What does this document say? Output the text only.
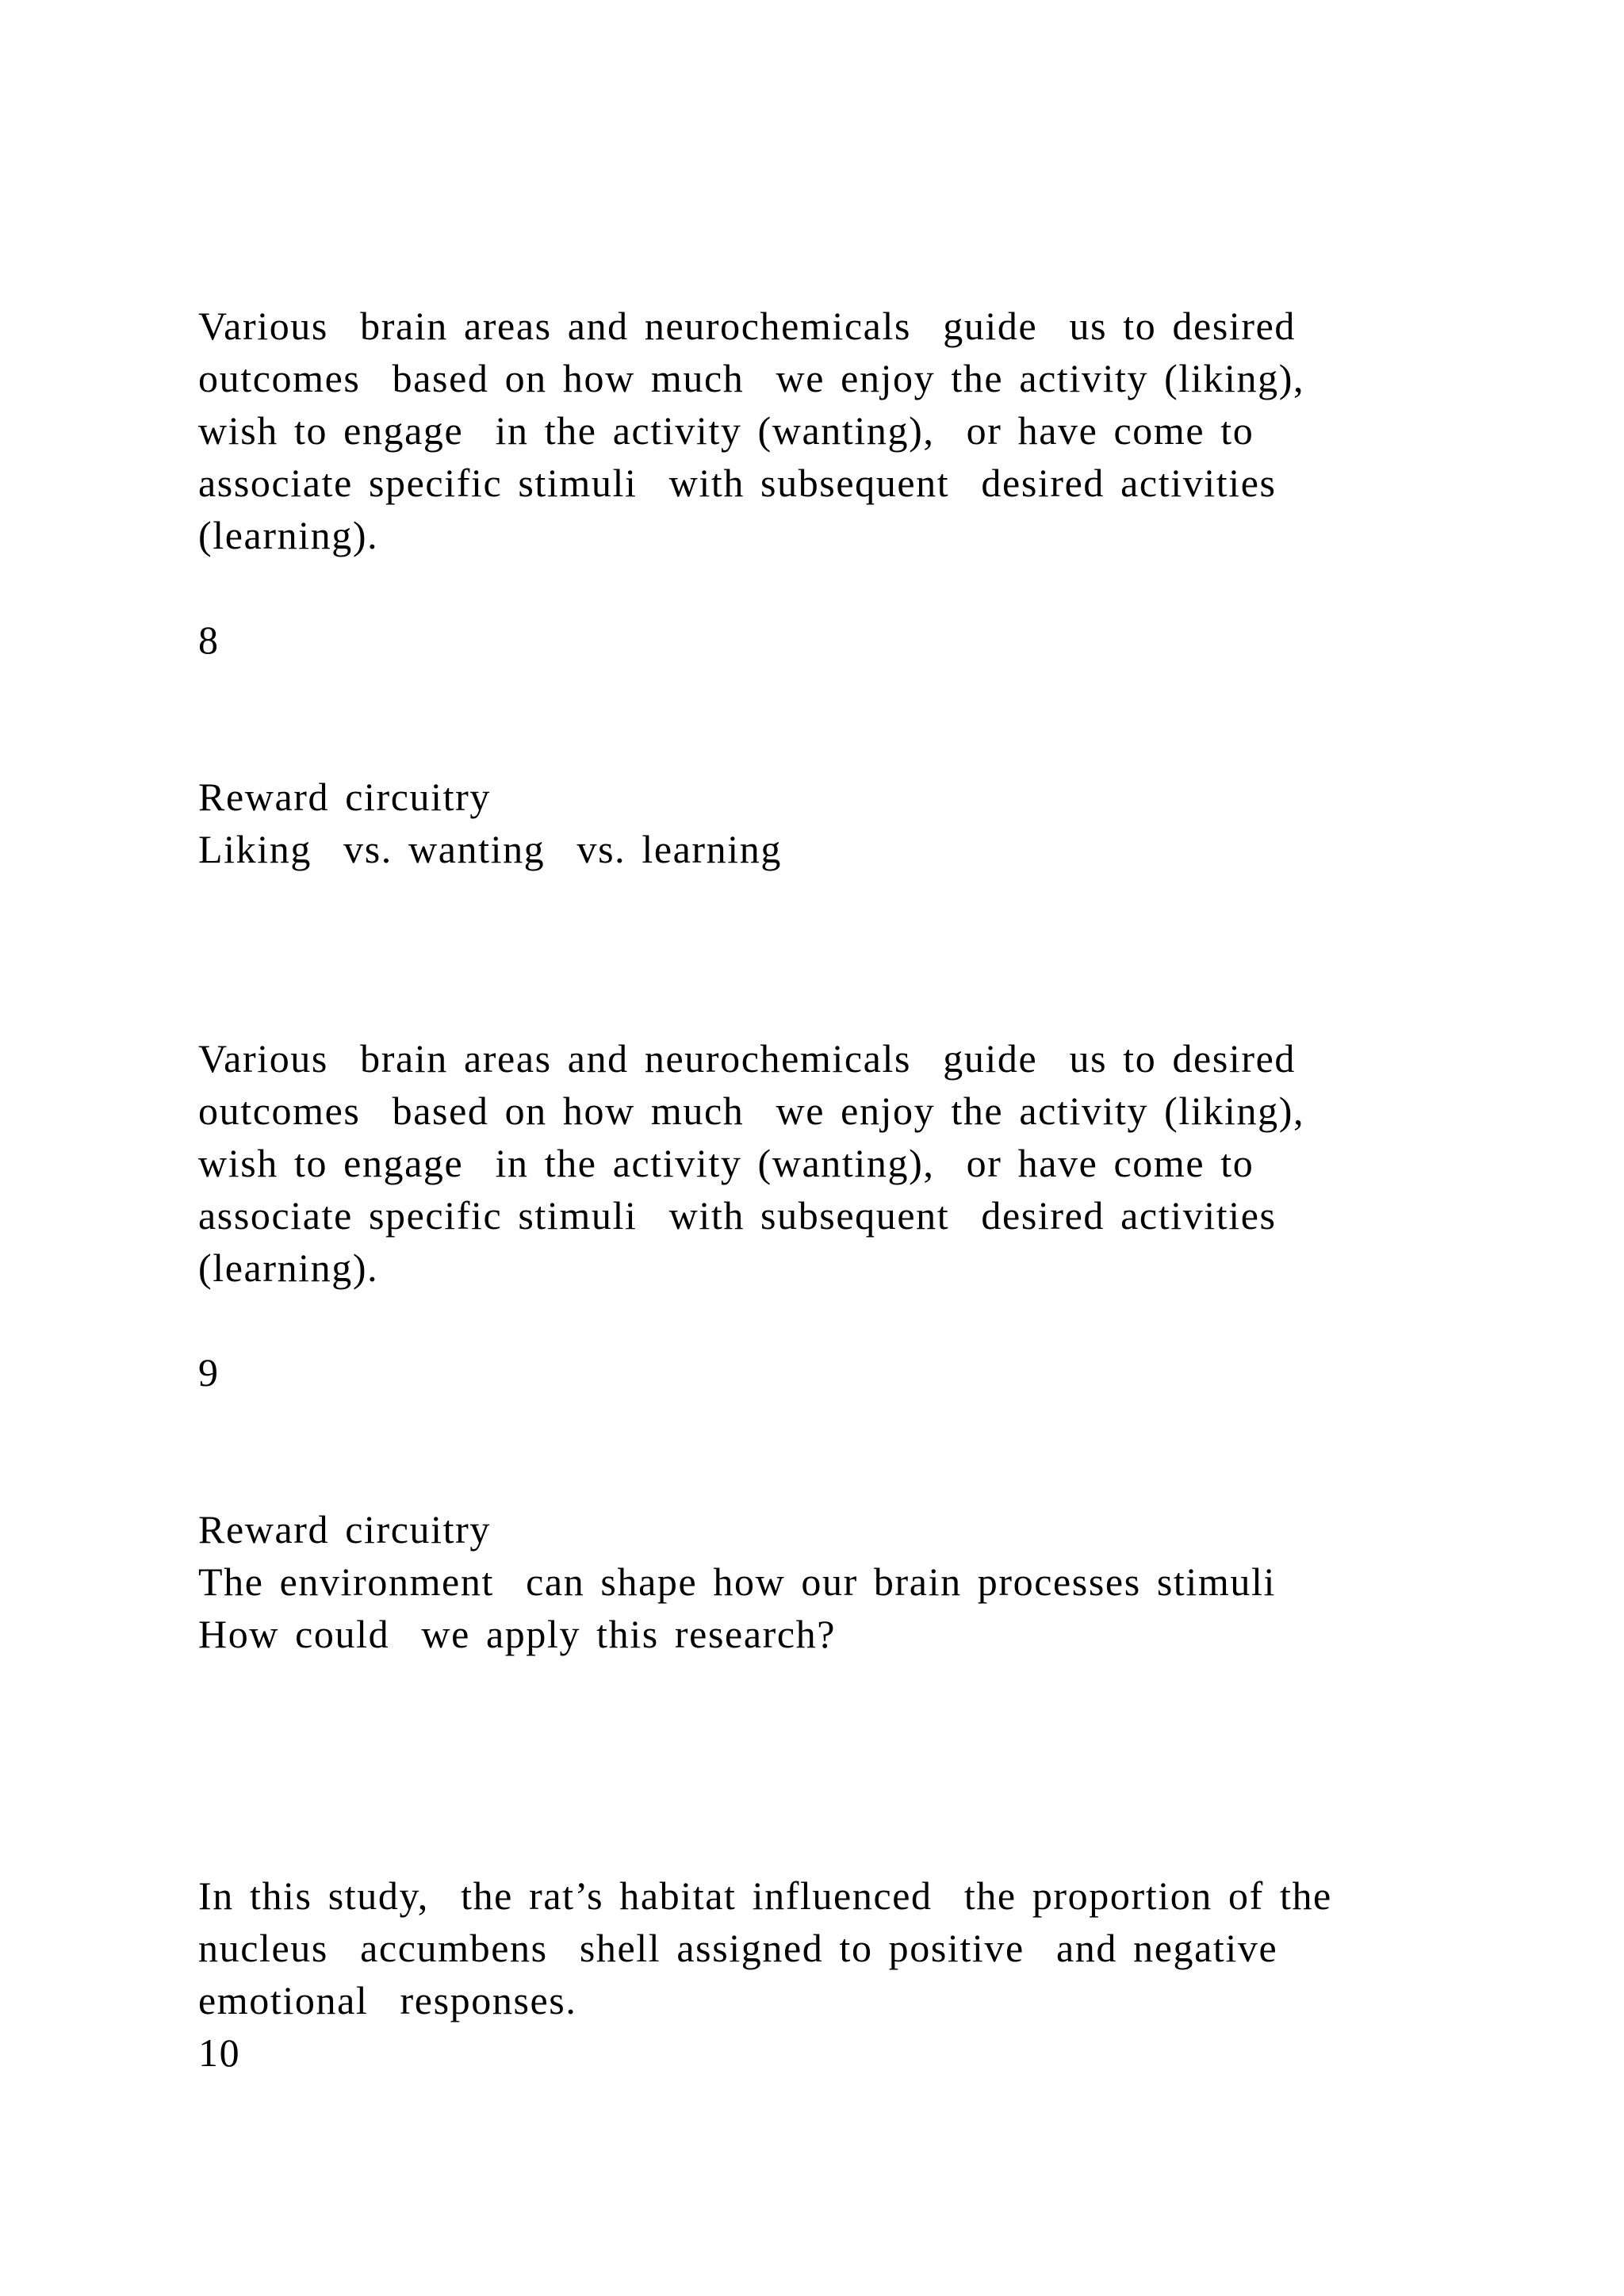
Various  brain areas and neurochemicals  guide  us to desired

outcomes  based on how much  we enjoy the activity (liking),

wish to engage  in the activity (wanting),  or have come to

associate specific stimuli  with subsequent  desired activities

(learning).

8

Reward circuitry

Liking  vs. wanting  vs. learning

Various  brain areas and neurochemicals  guide  us to desired

outcomes  based on how much  we enjoy the activity (liking),

wish to engage  in the activity (wanting),  or have come to

associate specific stimuli  with subsequent  desired activities

(learning).

9

Reward circuitry

The environment  can shape how our brain processes stimuli

How could  we apply this research?

In this study,  the rat’s habitat influenced  the proportion of the

nucleus  accumbens  shell assigned to positive  and negative

emotional  responses.

10
